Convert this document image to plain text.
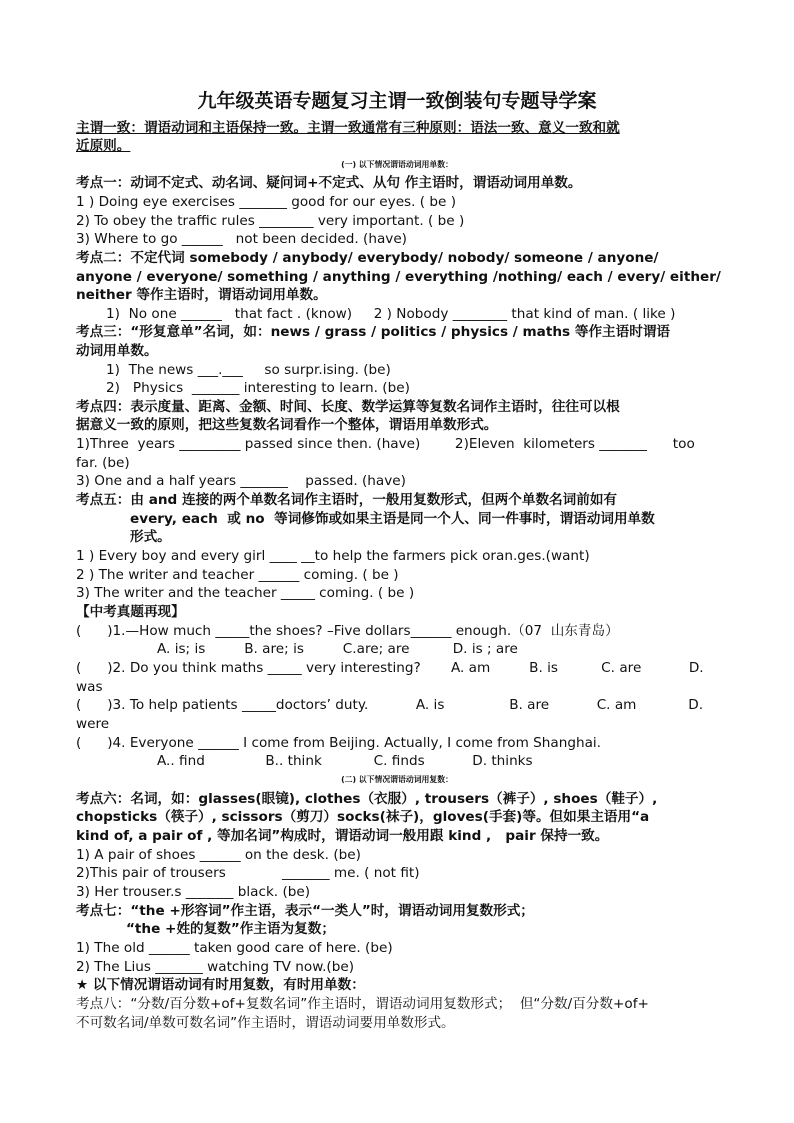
九年级英语专题复习主谓一致倒装句专题导学案
主谓一致：谓语动词和主语保持一致。主谓一致通常有三种原则：语法一致、意义一致和就
近原则。
(一) 以下情况谓语动词用单数：
考点一：动词不定式、动名词、疑问词+不定式、从句 作主语时，谓语动词用单数。
1 ) Doing eye exercises _______ good for our eyes. ( be )
2) To obey the traffic rules ________ very important. ( be )
3) Where to go ______   not been decided. (have)
考点二：不定代词 somebody / anybody/ everybody/ nobody/ someone / anyone/
anyone / everyone/ something / anything / everything /nothing/ each / every/ either/
neither 等作主语时，谓语动词用单数。
1)  No one ______   that fact . (know)     2 ) Nobody ________ that kind of man. ( like )
考点三：“形复意单”名词，如：news / grass / politics / physics / maths 等作主语时谓语
动词用单数。
1)  The news ___.___     so surpr.ising. (be)
2)   Physics  _______ interesting to learn. (be)
考点四：表示度量、距离、金额、时间、长度、数学运算等复数名词作主语时，往往可以根
据意义一致的原则，把这些复数名词看作一个整体，谓语用单数形式。
1)Three  years _________ passed since then. (have)        2)Eleven  kilometers _______      too
far. (be)
3) One and a half years _______    passed. (have)
考点五：由 and 连接的两个单数名词作主语时，一般用复数形式，但两个单数名词前如有
every, each  或 no  等词修饰或如果主语是同一个人、同一件事时，谓语动词用单数
形式。
1 ) Every boy and every girl ____ __to help the farmers pick oran.ges.(want)
2 ) The writer and teacher ______ coming. ( be )
3) The writer and the teacher _____ coming. ( be )
【中考真题再现】
(      )1.—How much _____the shoes? –Five dollars______ enough.（07  山东青岛）
A. is; is         B. are; is         C.are; are          D. is ; are
(      )2. Do you think maths _____ very interesting?       A. am         B. is          C. are           D.
was
(      )3. To help patients _____doctors’ duty.           A. is               B. are           C. am            D.
were
(      )4. Everyone ______ I come from Beijing. Actually, I come from Shanghai.
A.. find              B.. think            C. finds           D. thinks
(二) 以下情况谓语动词用复数：
考点六：名词，如：glasses(眼镜), clothes（衣服）, trousers（裤子）, shoes（鞋子）,
chopsticks（筷子）, scissors（剪刀）socks(袜子)，gloves(手套)等。但如果主语用“a
kind of, a pair of , 等加名词”构成时，谓语动词一般用跟 kind ,   pair 保持一致。
1) A pair of shoes ______ on the desk. (be)
2)This pair of trousers             _______ me. ( not fit)
3) Her trouser.s _______ black. (be)
考点七：“the +形容词”作主语，表示“一类人”时，谓语动词用复数形式；
“the +姓的复数”作主语为复数；
1) The old ______ taken good care of here. (be)
2) The Lius _______ watching TV now.(be)
★ 以下情况谓语动词有时用复数，有时用单数：
考点八：“分数/百分数+of+复数名词”作主语时，谓语动词用复数形式；  但“分数/百分数+of+
不可数名词/单数可数名词”作主语时，谓语动词要用单数形式。
